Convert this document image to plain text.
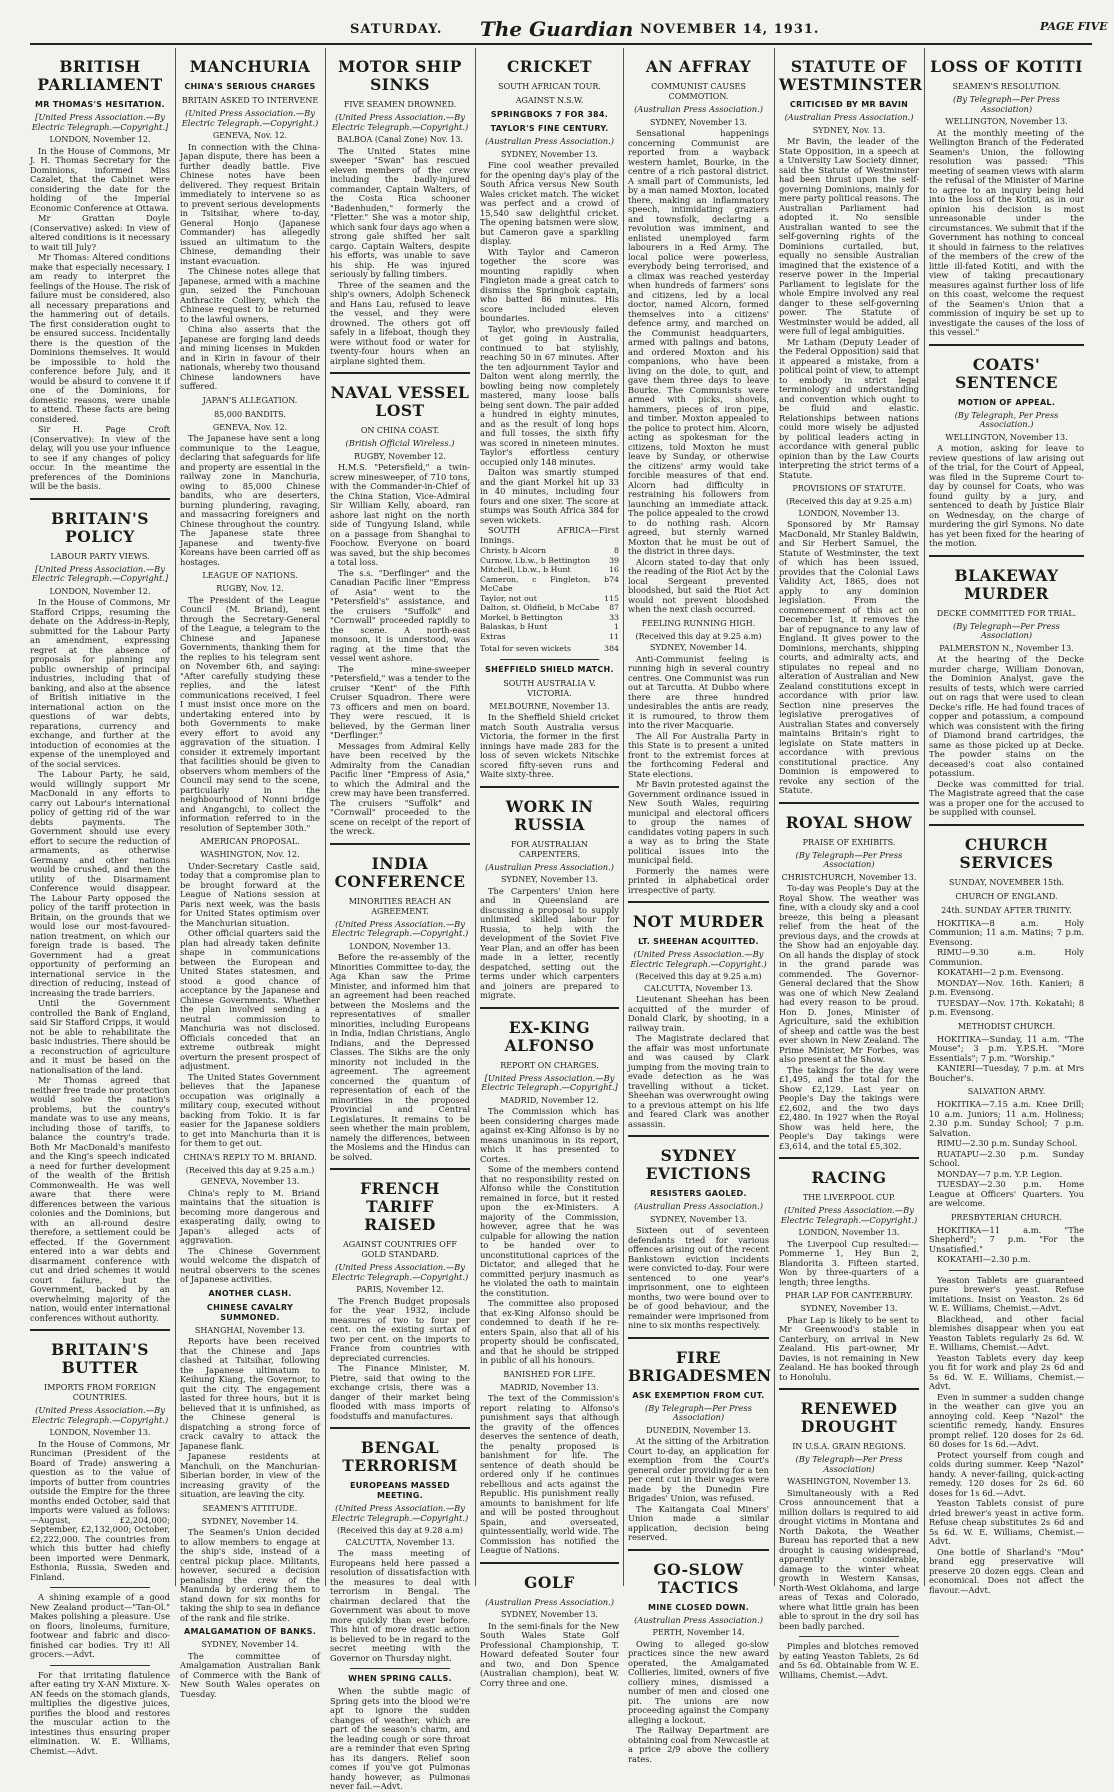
SATURDAY. The Guardian NOVEMBER 14, 1931.	PAGE FIVE
BRITISH PARLIAMENT
MR THOMAS'S HESITATION.
[United Press Association.—By Electric Telegraph.—Copyright.]
LONDON, November 12.

In the House of Commons, Mr J. H. Thomas Secretary for the Dominions, informed Miss Cazalet, that the Cabinet were considering the date for the holding of the Imperial Economic Conference at Ottawa.

Mr Grattan Doyle (Conservative) asked: In view of altered conditions is it necessary to wait till July?

Mr Thomas: Altered conditions make that especially necessary. I am ready to interpret the feelings of the House. The risk of failure must be considered, also all necessary preparations and the hammering out of details. The first consideration ought to be ensured success. Incidentally there is the question of the Dominions themselves. It would be impossible to hold the conference before July, and it would be absurd to convene it if one of the Dominions, for domestic reasons, were unable to attend. These facts are being considered.

Sir H. Page Croft (Conservative): In view of the delay, will you use your influence to see if any changes of policy occur. In the meantime the preferences of the Dominions will be the basis.

BRITAIN'S POLICY
LABOUR PARTY VIEWS.
[United Press Association.—By Electric Telegraph.—Copyright.]
LONDON, November 12.

In the House of Commons, Mr Stafford Cripps, resuming the debate on the Address-in-Reply, submitted for the Labour Party an amendment, expressing regret at the absence of proposals for planning any public ownership of principal industries, including that of banking, and also at the absence of British initiative in the international action on the questions of war debts, reparations, currency and exchange, and further at the intoduction of economies at the expense of the unemployed and of the social services.

The Labour Party, he said, would willingly support Mr MacDonald in any efforts to carry out Labour's international policy of getting rid of the war debts payments. The Government should use every effort to secure the reduction of armaments, as otherwise Germany and other nations would be crushed, and then the utility of the Disarmament Conference would disappear. The Labour Party opposed the policy of the tariff protection in Britain, on the grounds that we would lose our most-favoured-nation treatment, on which our foreign trade is based. The Government had a great opportunity of performing an international service in the direction of reducing, instead of increasing the trade barriers.

Until the Government controlled the Bank of England, said Sir Stafford Cripps, it would not be able to rehabilitate the basic industries. There should be a reconstruction of agriculture and it must be based on the nationalisation of the land.

Mr Thomas agreed that neither free trade nor protection would solve the nation's problems, but the country's mandate was to use any means, including those of tariffs, to balance the country's trade. Both Mr MacDonald's manifesto and the King's speech indicated a need for further development of the wealth of the British Commonwealth. He was well aware that there were differences between the various colonies and the Dominions, but with an all-round desire therefore, a settlement could be effected. If the Government entered into a war debts and disarmament conference with cut and dried schemes it would court failure, but the Government, backed by an overwhelming majority of the nation, would enter international conferences without authority.

BRITAIN'S BUTTER
IMPORTS FROM FOREIGN COUNTRIES.
(United Press Association.—By Electric Telegraph.—Copyright.)
LONDON, November 13.

In the House of Commons, Mr Runciman (President of the Board of Trade) answering a question as to the value of imports of butter from countries outside the Empire for the three months ended October, said that imports were valued as follows:—August, £2,204,000; September, £2,132,000; October, £2,222,000. The countries from which this butter had chiefly been imported were Denmark, Esthonia, Russia, Sweden and Finland.

A shining example of a good New Zealand product—"Tan-Ol." Makes polishing a pleasure. Use on floors, linoleums, furniture, footwear and fabric and disco-finished car bodies. Try it! All grocers.—Advt.

For that irritating flatulence after eating try X-AN Mixture. X-AN feeds on the stomach glands, multiplies the digestive juices, purifies the blood and restores the muscular action to the intestines thus ensuring proper elimination. W. E. Williams, Chemist.—Advt.

MANCHURIA
CHINA'S SERIOUS CHARGES
BRITAIN ASKED TO INTERVENE
(United Press Association.—By Electric Telegraph.—Copyright.)
GENEVA, Nov. 12.

In connection with the China-Japan dispute, there has been a further deadly battle. Five Chinese notes have been delivered. They request Britain immediately to intervene so as to prevent serious developments in Tsitsihar, where to-day, General Honjo (Japanese Commander) has allegedly issued an ultimatum to the Chinese, demanding their instant evacuation.

The Chinese notes allege that Japanese, armed with a machine gun, seized the Funchouan Anthracite Colliery, which the Chinese request to be returned to the lawful owners.

China also asserts that the Japanese are forging land deeds and mining licenses in Mukden and in Kirin in favour of their nationals, whereby two thousand Chinese landowners have suffered.

JAPAN'S ALLEGATION.
85,000 BANDITS.
GENEVA, Nov. 12.

The Japanese have sent a long communique to the League, declaring that safeguards for life and property are essential in the railway zone in Manchuria, owing to 85,000 Chinese bandits, who are deserters, burning plundering, ravaging, and massacring foreigners and Chinese throughout the country. The Japanese state three Japanese and twenty-five Koreans have been carried off as hostages.

LEAGUE OF NATIONS.
RUGBY, Nov. 12.

The President of the League Council (M. Briand), sent through the Secretary-General of the League, a telegram to the Chinese and Japanese Governments, thanking them for the replies to his telegram sent on November 6th, and saying: "After carefully studying these replies, and the latest communications received, I feel I must insist once more on the undertaking entered into by both Governments to make every effort to avoid any aggravation of the situation. I consider it extremely important that facilities should be given to observers whom members of the Council may send to the scene, particularly in the neighbourhood of Nonni bridge and Angangchi, to collect the information referred to in the resolution of September 30th."

AMERICAN PROPOSAL.
WASHINGTON, Nov. 12.

Under-Secretary Castle said, today that a compromise plan to be brought forward at the League of Nations session at Paris next week, was the basis for United States optimism over the Manchurian situation.

Other official quarters said the plan had already taken definite shape in communications between the European and United States statesmen, and stood a good chance of acceptance by the Japanese and Chinese Governments. Whether the plan involved sending a neutral commission to Manchuria was not disclosed. Officials conceded that an extreme outbreak might overturn the present prospect of adjustment.

The United States Government believes that the Japanese occupation was originally a military coup, executed without backing from Tokio. It is far easier for the Japanese soldiers to get into Manchuria than it is for them to get out.

CHINA'S REPLY TO M. BRIAND.
(Received this day at 9.25 a.m.)
GENEVA, November 13.

China's reply to M. Briand maintains that the situation is becoming more dangerous and exasperating daily, owing to Japan's alleged acts of aggravation.

The Chinese Government would welcome the dispatch of neutral observers to the scenes of Japanese activities.

ANOTHER CLASH.
CHINESE CAVALRY SUMMONED.
SHANGHAI, November 13.

Reports have been received that the Chinese and Japs clashed at Tsitsihar, following the Japanese ultimatum to Keihung Kiang, the Governor, to quit the city. The engagement lasted for three hours, but it is believed that it is unfinished, as the Chinese general is dispatching a strong force of crack cavalry to attack the Japanese flank.

Japanese residents at Manchuli, on the Manchurian-Siberian border, in view of the increasing gravity of the situation, are leaving the city.

SEAMEN'S ATTITUDE.
SYDNEY, November 14.

The Seamen's Union decided to allow members to engage at the ship's side, instead of a central pickup place. Militants, however, secured a decision penalising the crew of the Manunda by ordering them to stand down for six months for taking the ship to sea in defiance of the rank and file strike.

AMALGAMATION OF BANKS.
SYDNEY, November 14.

The committee of Amalgamation Australian Bank of Commerce with the Bank of New South Wales operates on Tuesday.

MOTOR SHIP SINKS
FIVE SEAMEN DROWNED.
(United Press Association.—By Electric Telegraph.—Copyright.)
BALBOA (Canal Zone) Nov. 13.

The United States mine sweeper "Swan" has rescued eleven members of the crew including the badly-injured commander, Captain Walters, of the Costa Rica schooner "Badenhuden," formerly the "Fletter." She was a motor ship, which sank four days ago when a strong gale shifted her salt cargo. Captain Walters, despite his efforts, was unable to save his ship. He was injured seriously by falling timbers.

Three of the seamen and the ship's owners, Adolph Scheneck and Hans Lau, refused to leave the vessel, and they were drowned. The others got off safely in a lifeboat, though they were without food or water for twenty-four hours when an airplane sighted them.

NAVAL VESSEL LOST
ON CHINA COAST.
(British Official Wireless.)
RUGBY, November 12.

H.M.S. "Petersfield," a twin-screw minesweeper, of 710 tons, with the Commander-in-Chief of the China Station, Vice-Admiral Sir William Kelly, aboard, ran ashore last night on the north side of Tungyung Island, while on a passage from Shanghai to Foochow. Everyone on board was saved, but the ship becomes a total loss.

The s.s. "Derflinger" and the Canadian Pacific liner "Empress of Asia" went to the "Petersfield's" assistance, and the cruisers "Suffolk" and "Cornwall" proceeded rapidly to the scene. A north-east monsoon, it is understood, was raging at the time that the vessel went ashore.

The mine-sweeper "Petersfield," was a tender to the cruiser "Kent" of the Fifth Cruiser Squadron. There were 73 officers and men on board. They were rescued, it is believed, by the German liner "Derflinger."

Messages from Admiral Kelly have been received by the Admiralty from the Canadian Pacific liner "Empress of Asia," to which the Admiral and the crew may have been transferred. The cruisers "Suffolk" and "Cornwall" proceeded to the scene on receipt of the report of the wreck.

INDIA CONFERENCE
MINORITIES REACH AN AGREEMENT.
(United Press Association.—By Electric Telegraph.—Copyright.)
LONDON, November 13.

Before the re-assembly of the Minorities Committee to-day, the Aga Khan saw the Prime Minister, and informed him that an agreement had been reached between the Moslems and the representatives of smaller minorities, including Europeans in India, Indian Christians, Anglo Indians, and the Depressed Classes. The Sikhs are the only minority not included in the agreement. The agreement concerned the quantum of representation of each of the minorities in the proposed Provincial and Central Legislatures. It remains to be seen whether the main problem, namely the differences, between the Moslems and the Hindus can be solved.

FRENCH TARIFF RAISED
AGAINST COUNTRIES OFF GOLD STANDARD.
(United Press Association.—By Electric Telegraph.—Copyright.)
PARIS, November 12.

The French Budget proposals for the year 1932, include measures of two to four per cent. on the existing surtax of two per cent. on the imports to France from countries with depreciated currencies.

The Finance Minister, M. Pietre, said that owing to the exchange crisis, there was a danger of their market being flooded with mass imports of foodstuffs and manufactures.

BENGAL TERRORISM
EUROPEANS MASSED MEETING.
(United Press Association.—By Electric Telegraph.—Copyright.)
(Received this day at 9.28 a.m)
CALCUTTA, November 13.

The mass meeting of Europeans held here passed a resolution of dissatisfaction with the measures to deal with terrorism in Bengal. The chairman declared that the Government was about to move more quickly than ever before. This hint of more drastic action is believed to be in regard to the secret meeting with the Governor on Thursday night.

WHEN SPRING CALLS.

When the subtle magic of Spring gets into the blood we're apt to ignore the sudden changes of weather, which are part of the season's charm, and the leading cough or sore throat are a reminder that even Spring has its dangers. Relief soon comes if you've got Pulmonas handy however, as Pulmonas never fail.—Advt.

CRICKET
SOUTH AFRICAN TOUR.
AGAINST N.S.W.
SPRINGBOKS 7 FOR 384.
TAYLOR'S FINE CENTURY.
(Australian Press Association.)
SYDNEY, November 13.

Fine cool weather prevailed for the opening day's play of the South Africa versus New South Wales cricket match. The wicket was perfect and a crowd of 15,540 saw delightful cricket. The opening batsmen were slow, but Cameron gave a sparkling display.

With Taylor and Cameron together the score was mounting rapidly when Fingleton made a great catch to dismiss the Springbok captain, who batted 86 minutes. His score included eleven boundaries.

Taylor, who previously failed ot get going in Australia, continued to bat stylishly, reaching 50 in 67 minutes. After the ten adjournment Taylor and Dalton went along merrily, the bowling being now completely mastered, many loose balls being sent down. The pair added a hundred in eighty minutes, and as the result of long hops and full tosses, the sixth fifty was scored in nineteen minutes. Taylor's effortless century occupied only 148 minutes.

Dalton was smartly stumped and the giant Morkel hit up 33 in 40 minutes, including four fours and one sixer. The score at stumps was South Africa 384 for seven wickets.

SOUTH AFRICA—First Innings.

Christy, b Alcorn	8
Curnow, l.b.w., b Bettington 39
Mitchell, l.b.w., b Hunt	16
Cameron, c Fingleton, b McCabe
74
Taylor, not out	115
Dalton, st. Oldfield, b McCabe 87
Morkel, b Bettington	33
Balaskas, b Hunt	1
Extras	11
Total for seven wickets	384
SHEFFIELD SHIELD MATCH.
SOUTH AUSTRALIA V. VICTORIA.
MELBOURNE, November 13.

In the Sheffield Shield cricket match South Australia versus Victoria, the former in the first innings have made 283 for the loss of seven wickets Nitschke scored fifty-seven runs and Waite sixty-three.

WORK IN RUSSIA
FOR AUSTRALIAN CARPENTERS.
(Australian Press Association.)
SYDNEY, November 13.

The Carpenters' Union here and in Queensland are discussing a proposal to supply unlimited skilled labour for Russia, to help with the development of the Soviet Five Year Plan, and an offer has been made in a letter, recently despatched, setting out the terms under which carpenters and joiners are prepared to migrate.

EX-KING ALFONSO
REPORT ON CHARGES.
[United Press Association.—By Electric Telegraph.—Copyright.]
MADRID, November 12.

The Commission which has been considering charges made against ex-King Alfonso is by no means unanimous in its report, which it has presented to Cortes.

Some of the members contend that no responsibility rested on Alfonso while the Constitution remained in force, but it rested upon the ex-Ministers. A majority of the Commission, however, agree that he was culpable for allowing the nation to be handed over to unconstitutional caprices of the Dictator, and alleged that he committed perjury inasmuch as he violated the oath to maintain the constitution.

The committee also proposed that ex-King Alfonso should be condemned to death if he re-enters Spain, also that all of his property should be confiscated, and that he should be stripped in public of all his honours.

BANISHED FOR LIFE.
MADRID, November 13.

The text of the Commission's report relating to Alfonso's punishment says that although the gravity of the offences deserves the sentence of death, the penalty proposed is banishment for life. The sentence of death should be ordered only if he continues rebellious and acts against the Republic. His punishment really amounts to banishment for life and will be posted throughout Spain, and overseated, quintessentially, world wide. The Commission has notified the League of Nations.

GOLF
(Australian Press Association.)
SYDNEY, November 13.

In the semi-finals for the New South Wales State Golf Professional Championship, T. Howard defeated Souter four and two, and Don Spence (Australian champion), beat W. Corry three and one.

AN AFFRAY
COMMUNIST CAUSES COMMOTION.
(Australian Press Association.)
SYDNEY, November 13.

Sensational happenings concerning Communist are reported from a wayback western hamlet, Bourke, in the centre of a rich pastoral district. A small part of Communists, led by a man named Moxton, located there, making an inflammatory speech, intimidating graziers and townsfolk, declaring a revolution was imminent, and enlisted unemployed farm labourers in a Red Army. The local police were powerless, everybody being terrorised, and a climax was reached yesterday when hundreds of farmers' sons and citizens, led by a local doctor, named Alcorn, formed themselves into a citizens' defence army, and marched on the Communist headquarters, armed with palings and batons, and ordered Moxton and his companions, who have been living on the dole, to quit, and gave them three days to leave Bourke. The Communists were armed with picks, shovels, hammers, pieces of iron pipe, and timber. Moxton appealed to the police to protect him. Alcorn, acting as spokesman for the citizens, told Moxton he must leave by Sunday, or otherwise the citizens' army would take forcible measures of that end. Alcorn had difficulty in restraining his followers from launching an immediate attack. The police appealed to the crowd to do nothing rash. Alcorn agreed, but sternly warned Moxton that he must be out of the district in three days.

Alcorn stated to-day that only the reading of the Riot Act by the local Sergeant prevented bloodshed, but said the Riot Act would not prevent bloodshed when the next clash occurred.

FEELING RUNNING HIGH.
(Received this day at 9.25 a.m)
SYDNEY, November 14.

Anti-Communist feeling is running high in several country centres. One Communist was run out at Tarcutta. At Dubbo where there are three hundred undesirables the antis are ready, it is rumoured, to throw them into the river Macquarie.

The All For Australia Party in this State is to present a united front to the extremist forces at the forthcoming Federal and State elections.

Mr Bavin protested against the Government ordinance issued in New South Wales, requiring municipal and electoral officers to group the names of candidates voting papers in such a way as to bring the State political issues into the municipal field.

Formerly the names were printed in alphabetical order irrespective of party.

NOT MURDER
LT. SHEEHAN ACQUITTED.
(United Press Association.—By Electric Telegraph.—Copyright.)
(Received this day at 9.25 a.m)
CALCUTTA, November 13.

Lieutenant Sheehan has been acquitted of the murder of Donald Clark, by shooting, in a railway train.

The Magistrate declared that the affair was most unfortunate and was caused by Clark jumping from the moving train to evade detection as he was travelling without a ticket. Sheehan was overwrought owing to a previous attempt on his life and feared Clark was another assassin.

SYDNEY EVICTIONS
RESISTERS GAOLED.
(Australian Press Association.)
SYDNEY, November 13.

Sixteen out of seventeen defendants tried for various offences arising out of the recent Bankstown eviction incidents were convicted to-day. Four were sentenced to one year's imprisonment, one to eighteen months, two were bound over to be of good behaviour, and the remainder were imprisoned from nine to six months respectively.

FIRE BRIGADESMEN
ASK EXEMPTION FROM CUT.
(By Telegraph—Per Press Association)
DUNEDIN, November 13.

At the sitting of the Arbitration Court to-day, an application for exemption from the Court's general order providing for a ten per cent cut in their wages were made by the Dunedin Fire Brigades' Union, was refused.

The Kaitangata Coal Miners' Union made a similar application, decision being reserved.

GO-SLOW TACTICS
MINE CLOSED DOWN.
(Australian Press Association.)
PERTH, November 14.

Owing to alleged go-slow practices since the new award operated, the Amalgamated Collieries, limited, owners of five colliery mines, dismissed a number of men and closed one pit. The unions are now proceeding against the Company alleging a lockout.

The Railway Department are obtaining coal from Newcastle at a price 2/9 above the colliery rates.

STATUTE OF WESTMINSTER
CRITICISED BY MR BAVIN
(Australian Press Association.)
SYDNEY, Nov. 13.

Mr Bavin, the leader of the State Opposition, in a speech at a University Law Society dinner, said the Statute of Westminster had been thrust upon the self-governing Dominions, mainly for mere party political reasons. The Australian Parliament had adopted it. No sensible Australian wanted to see the self-governing rights of the Dominions curtailed, but, equally no sensible Australian imagined that the existence of a reserve power in the Imperial Parliament to legislate for the whole Empire involved any real danger to these self-governing power. The Statute of Westminster would be added, all were full of legal ambiguities.

Mr Latham (Deputy Leader of the Federal Opposition) said that it appeared a mistake, from a political point of view, to attempt to embody in strict legal terminology and understanding and convention which ought to be fluid and elastic. Relationships between nations could more wisely be adjusted by political leaders acting in accordance with general public opinion than by the Law Courts interpreting the strict terms of a Statute.

PROVISIONS OF STATUTE.
(Received this day at 9.25 a.m)
LONDON, November 13.

Sponsored by Mr Ramsay MacDonald, Mr Stanley Baldwin, and Sir Herbert Samuel, the Statute of Westminster, the text of which has been issued, provides that the Colonial Laws Validity Act, 1865, does not apply to any dominion legislation. From the commencement of this act on December 1st, it removes the bar of repugnance to any law of England. It gives power to the Dominions, merchants, shipping courts, and admiralty acts, and stipulates no repeal and no alteration of Australian and New Zealand constitutions except in accordance with prior law. Section nine preserves the legislative prerogatives of Australian States and conversely maintains Britain's right to legislate on State matters in accordance with previous constitutional practice. Any Dominion is empowered to revoke any section of the Statute.

ROYAL SHOW
PRAISE OF EXHIBITS.
(By Telegraph—Per Press Association)
CHRISTCHURCH, November 13.

To-day was People's Day at the Royal Show. The weather was fine, with a cloudy sky and a cool breeze, this being a pleasant relief from the heat of the previous days, and the crowds at the Show had an enjoyable day. On all hands the display of stock in the grand parade was commended. The Governor-General declared that the Show was one of which New Zealand had every reason to be proud. Hon D. Jones, Minister of Agriculture, said the exhibition of sheep and cattle was the best ever shown in New Zealand. The Prime Minister, Mr Forbes, was also present at the Show.

The takings for the day were £1,495, and the total for the Show £2,129. Last year on People's Day the takings were £2,602, and the two days £2,480. In 1927 when the Royal Show was held here, the People's Day takings were £3,614, and the total £5,302.

RACING
THE LIVERPOOL CUP.
(United Press Association.—By Electric Telegraph.—Copyright.)
LONDON, November 13.

The Liverpool Cup resulted:—Pommerne 1, Hey Bun 2, Blandorita 3. Fifteen started. Won by three-quarters of a length; three lengths.

PHAR LAP FOR CANTERBURY.
SYDNEY, November 13.

Phar Lap is likely to be sent to Mr Greenwood's stable in Canterbury, on arrival in New Zealand. His part-owner, Mr Davies, is not remaining in New Zealand. He has booked through to Honolulu.

RENEWED DROUGHT
IN U.S.A. GRAIN REGIONS.
(By Telegraph—Per Press Association)
WASHINGTON, November 13.

Simultaneously with a Red Cross announcement that a million dollars is required to aid drought victims in Montana and North Dakota, the Weather Bureau has reported that a new drought is causing widespread, apparently considerable, damage to the winter wheat growth in Western Kansas, North-West Oklahoma, and large areas of Texas and Colorado, where what little grain has been able to sprout in the dry soil has been badly parched.

Pimples and blotches removed by eating Yeaston Tablets, 2s 6d and 5s 6d. Obtainable from W. E. Williams, Chemist.—Advt.

LOSS OF KOTITI
SEAMEN'S RESOLUTION.
(By Telegraph—Per Press Association)
WELLINGTON, November 13.

At the monthly meeting of the Wellington Branch of the Federated Seamen's Union, the following resolution was passed: "This meeting of seamen views with alarm the refusal of the Minister of Marine to agree to an inquiry being held into the loss of the Kotiti, as in our opinion his decision is most unreasonable under the circumstances. We submit that if the Government has nothing to conceal it should in fairness to the relatives of the members of the crew of the little ill-fated Kotiti, and with the view of taking precautionary measures against further loss of life on this coast, welcome the request of the Seamen's Union that a commission of inquiry be set up to investigate the causes of the loss of this vessel."

COATS' SENTENCE
MOTION OF APPEAL.
(By Telegraph, Per Press Association.)
WELLINGTON, November 13.

A motion, asking for leave to review questions of law arising out of the trial, for the Court of Appeal, was filed in the Supreme Court to-day by counsel for Coats, who was found guilty by a jury, and sentenced to death by Justice Blair on Wednesday, on the charge of murdering the girl Symons. No date has yet been fixed for the hearing of the motion.

BLAKEWAY MURDER
DECKE COMMITTED FOR TRIAL.
(By Telegraph—Per Press Association)
PALMERSTON N., November 13.

At the hearing of the Decke murder charge, William Donovan, the Dominion Analyst, gave the results of tests, which were carried out on rags that were used to clean Decke's rifle. He had found traces of copper and potassium, a compound which was consistent with the firing of Diamond brand cartridges, the same as those picked up at Decke. The powder stains on the deceased's coat also contained potassium.

Decke was committed for trial. The Magistrate agreed that the case was a proper one for the accused to be supplied with counsel.

CHURCH SERVICES
SUNDAY, NOVEMBER 15th.
CHURCH OF ENGLAND.
24th. SUNDAY AFTER TRINITY.

HOKITIKA—8 a.m. Holy Communion; 11 a.m. Matins; 7 p.m. Evensong.

RIMU—9.30 a.m. Holy Communion.

KOKATAHI—2 p.m. Evensong.

MONDAY—Nov. 16th. Kanieri; 8 p.m. Evensong.

TUESDAY—Nov. 17th. Kokatahi; 8 p.m. Evensong.

METHODIST CHURCH.

HOKITIKA—Sunday, 11 a.m. "The Mouse"; 3 p.m. Y.P.S.H. "More Essentials"; 7 p.m. "Worship."

KANIERI—Tuesday, 7 p.m. at Mrs Boucher's.

SALVATION ARMY.

HOKITIKA—7.15 a.m. Knee Drill; 10 a.m. Juniors; 11 a.m. Holiness; 2.30 p.m. Sunday School; 7 p.m. Salvation.

RIMU—2.30 p.m. Sunday School.

RUATAPU—2.30 p.m. Sunday School.

MONDAY—7 p.m. Y.P. Legion.

TUESDAY—2.30 p.m. Home League at Officers' Quarters. You are welcome.

PRESBYTERIAN CHURCH.

HOKITIKA—11 a.m. "The Shepherd"; 7 p.m. "For the Unsatisfied."

KOKATAHI—2.30 p.m.

Yeaston Tablets are guaranteed pure brewer's yeast. Refuse imitations. Insist on Yeaston. 2s 6d W. E. Williams, Chemist.—Advt.

Blackhead, and other facial blemishes disappear when you eat Yeaston Tablets regularly 2s 6d. W. E. Williams, Chemist.—Advt.

Yeaston Tablets every day keep you fit for work and play 2s 6d and 5s 6d. W. E. Williams, Chemist.—Advt.

Even in summer a sudden change in the weather can give you an annoying cold. Keep "Nazol" the scientific remedy, handy. Ensures prompt relief. 120 doses for 2s 6d. 60 doses for 1s 6d.—Advt.

Protect yourself from cough and colds during summer. Keep "Nazol" handy. A never-failing, quick-acting remedy. 120 doses for 2s 6d. 60 doses for 1s 6d.—Advt.

Yeaston Tablets consist of pure dried brewer's yeast in active form. Refuse cheap substitutes 2s 6d and 5s 6d. W. E. Williams, Chemist.—Advt.

One bottle of Sharland's "Mou" brand egg preservative will preserve 20 dozen eggs. Clean and economical. Does not affect the flavour.—Advt.
